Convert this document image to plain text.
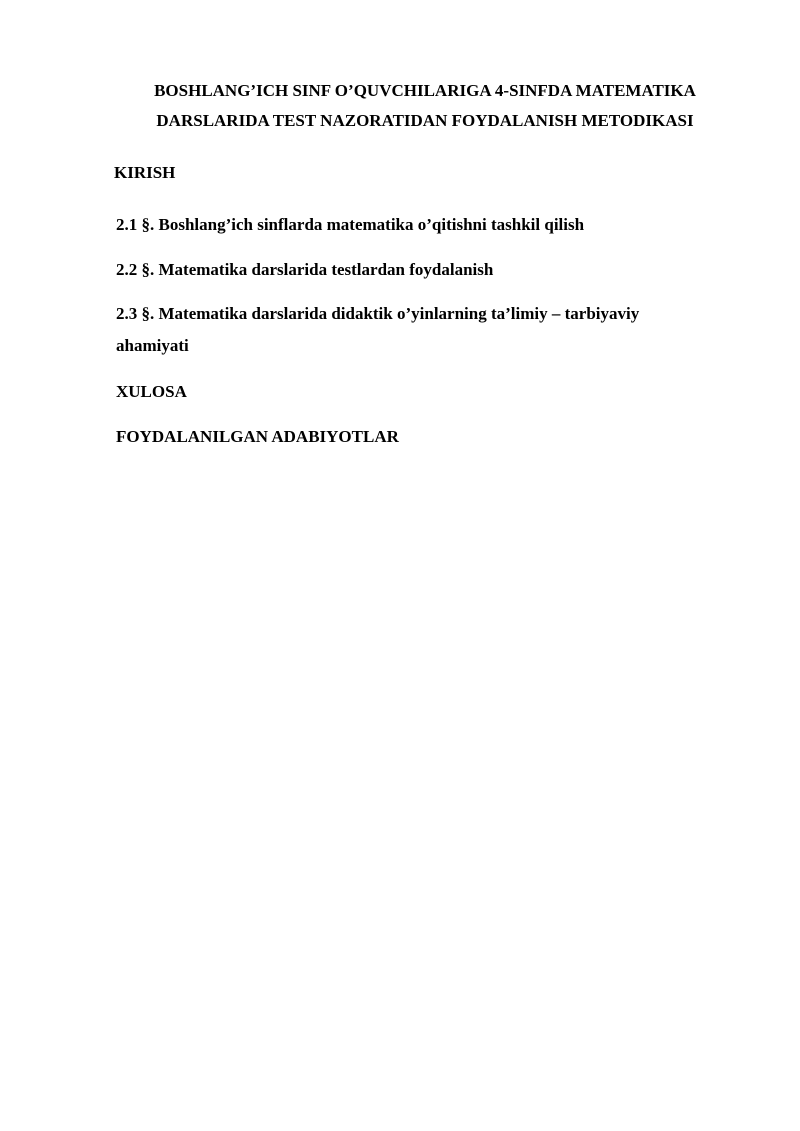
BOSHLANG’ICH SINF O’QUVCHILARIGA 4-SINFDA MATEMATIKA
DARSLARIDA TEST NAZORATIDAN FOYDALANISH METODIKASI
KIRISH
2.1 §. Boshlang’ich sinflarda matematika o’qitishni tashkil qilish
2.2 §. Matematika darslarida testlardan foydalanish
2.3 §. Matematika darslarida didaktik o’yinlarning ta’limiy – tarbiyaviy
ahamiyati
XULOSA
FOYDALANILGAN ADABIYOTLAR
